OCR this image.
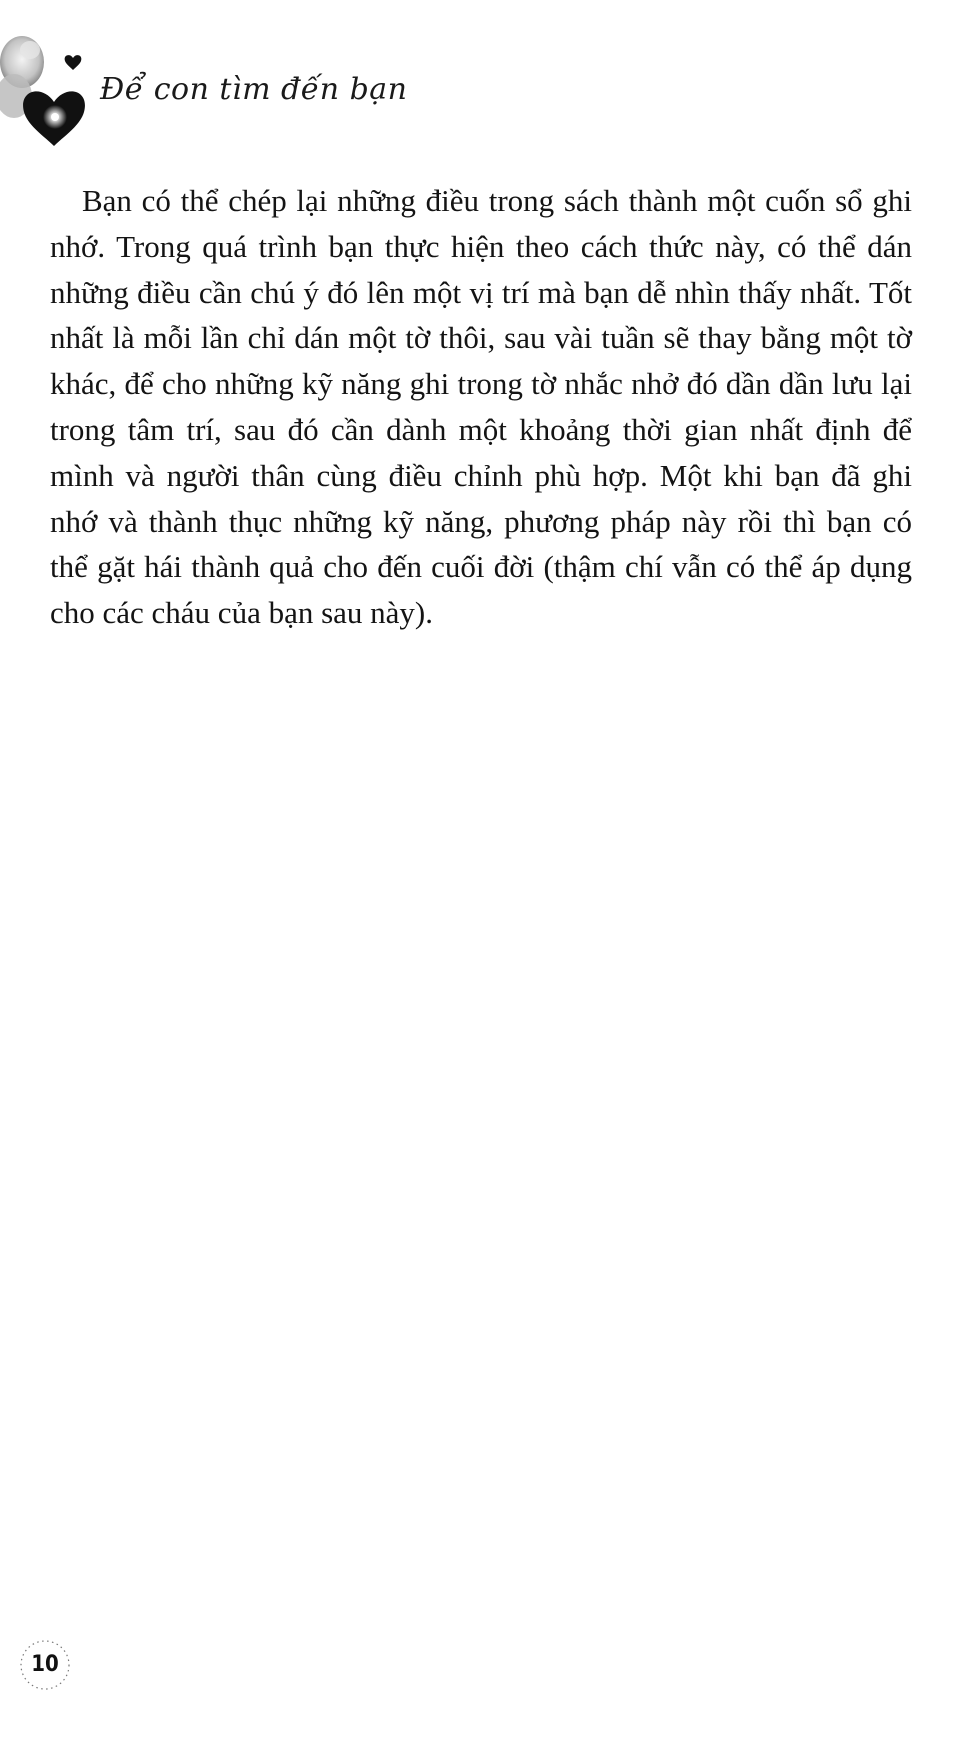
Để con tìm đến bạn

Bạn có thể chép lại những điều trong sách thành một cuốn sổ ghi nhớ. Trong quá trình bạn thực hiện theo cách thức này, có thể dán những điều cần chú ý đó lên một vị trí mà bạn dễ nhìn thấy nhất. Tốt nhất là mỗi lần chỉ dán một tờ thôi, sau vài tuần sẽ thay bằng một tờ khác, để cho những kỹ năng ghi trong tờ nhắc nhở đó dần dần lưu lại trong tâm trí, sau đó cần dành một khoảng thời gian nhất định để mình và người thân cùng điều chỉnh phù hợp. Một khi bạn đã ghi nhớ và thành thục những kỹ năng, phương pháp này rồi thì bạn có thể gặt hái thành quả cho đến cuối đời (thậm chí vẫn có thể áp dụng cho các cháu của bạn sau này).

10
